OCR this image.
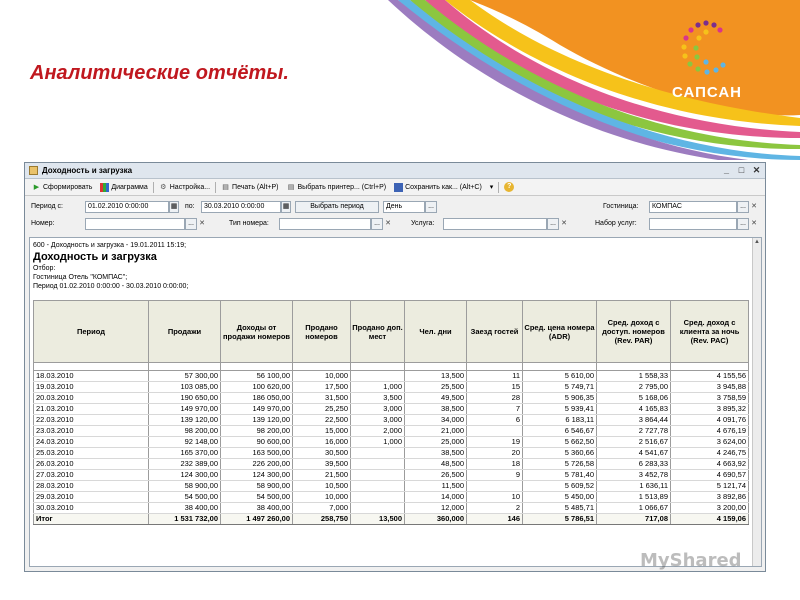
САПСАН
Аналитические отчёты.
Доходность и загрузка	_	□ ✕
▶ Сформировать	Диаграмма ⚙ Настройка... ▤ Печать (Alt+P) ▤ Выбрать принтер... (Ctrl+P)	Сохранить как... (Alt+C) ▾	?
Период с:	01.02.2010 0:00:00	▦ по:	30.03.2010 0:00:00	▦	Выбрать период	День	...	Гостиница:	КОМПАС	... ✕
Номер:	... ✕	Тип номера:	... ✕	Услуга:	... ✕	Набор услуг:	... ✕
600 - Доходность и загрузка - 19.01.2011 15:19;
Доходность и загрузка
Отбор:
Гостиница Отель "КОМПАС";
Период 01.02.2010 0:00:00 - 30.03.2010 0:00:00;
Период	Продажи	Доходы от продажи номеров	Продано номеров	Продано доп. мест	Чел. дни	Заезд гостей	Сред. цена номера (ADR)	Сред. доход с доступ. номеров (Rev. PAR)	Сред. доход с клиента за ночь (Rev. PAC)

18.03.2010	57 300,00	56 100,00	10,000		13,500	11	5 610,00	1 558,33	4 155,56
19.03.2010	103 085,00	100 620,00	17,500	1,000	25,500	15	5 749,71	2 795,00	3 945,88
20.03.2010	190 650,00	186 050,00	31,500	3,500	49,500	28	5 906,35	5 168,06	3 758,59
21.03.2010	149 970,00	149 970,00	25,250	3,000	38,500	7	5 939,41	4 165,83	3 895,32
22.03.2010	139 120,00	139 120,00	22,500	3,000	34,000	6	6 183,11	3 864,44	4 091,76
23.03.2010	98 200,00	98 200,00	15,000	2,000	21,000		6 546,67	2 727,78	4 676,19
24.03.2010	92 148,00	90 600,00	16,000	1,000	25,000	19	5 662,50	2 516,67	3 624,00
25.03.2010	165 370,00	163 500,00	30,500		38,500	20	5 360,66	4 541,67	4 246,75
26.03.2010	232 389,00	226 200,00	39,500		48,500	18	5 726,58	6 283,33	4 663,92
27.03.2010	124 300,00	124 300,00	21,500		26,500	9	5 781,40	3 452,78	4 690,57
28.03.2010	58 900,00	58 900,00	10,500		11,500		5 609,52	1 636,11	5 121,74
29.03.2010	54 500,00	54 500,00	10,000		14,000	10	5 450,00	1 513,89	3 892,86
30.03.2010	38 400,00	38 400,00	7,000		12,000	2	5 485,71	1 066,67	3 200,00
Итог	1 531 732,00	1 497 260,00	258,750	13,500	360,000	146	5 786,51	717,08	4 159,06
▲
MyShared
